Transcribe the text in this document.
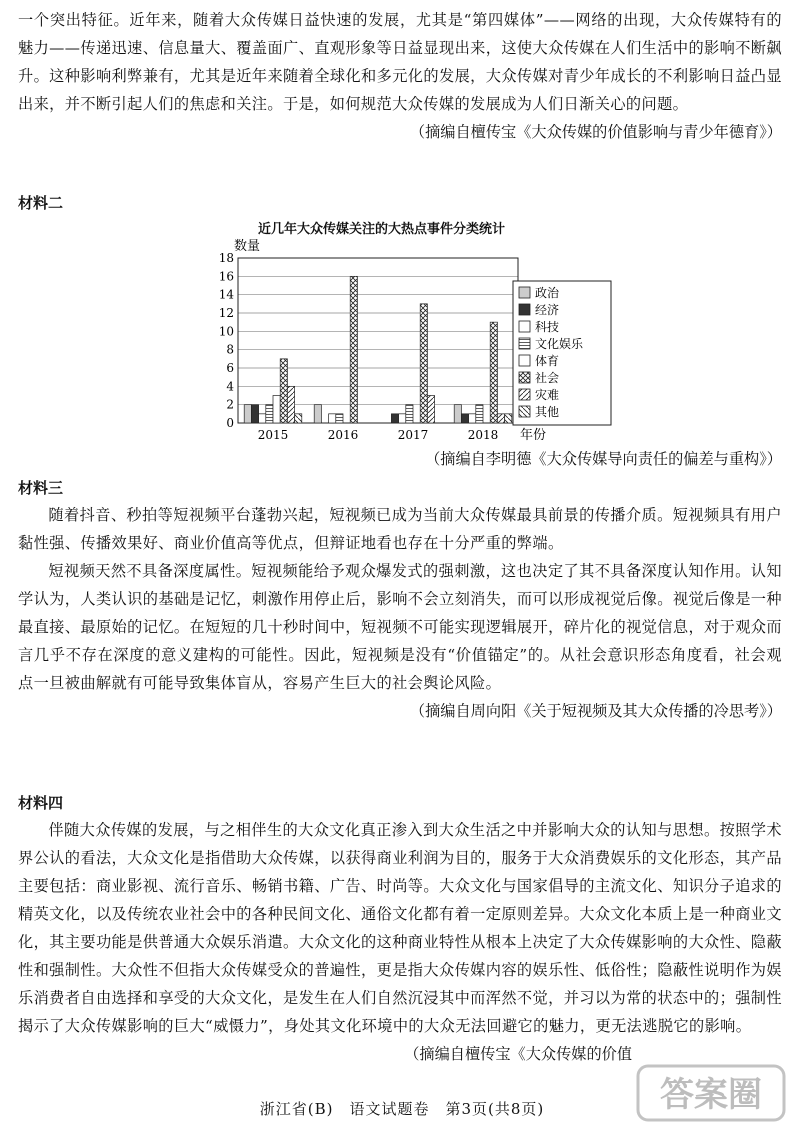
一个突出特征。近年来，随着大众传媒日益快速的发展，尤其是“第四媒体”——网络的出现，大众传媒特有的魅力——传递迅速、信息量大、覆盖面广、直观形象等日益显现出来，这使大众传媒在人们生活中的影响不断飙升。这种影响利弊兼有，尤其是近年来随着全球化和多元化的发展，大众传媒对青少年成长的不利影响日益凸显出来，并不断引起人们的焦虑和关注。于是，如何规范大众传媒的发展成为人们日渐关心的问题。

（摘编自檀传宝《大众传媒的价值影响与青少年德育》）

材料二

近几年大众传媒关注的大热点事件分类统计
0
2
4
6
8
10
12
14
16
18
数量
年份
2015	2016	2017	2018
政治
经济
科技
文化娱乐
体育
社会
灾难
其他

（摘编自李明德《大众传媒导向责任的偏差与重构》）

材料三

随着抖音、秒拍等短视频平台蓬勃兴起，短视频已成为当前大众传媒最具前景的传播介质。短视频具有用户黏性强、传播效果好、商业价值高等优点，但辩证地看也存在十分严重的弊端。

短视频天然不具备深度属性。短视频能给予观众爆发式的强刺激，这也决定了其不具备深度认知作用。认知学认为，人类认识的基础是记忆，刺激作用停止后，影响不会立刻消失，而可以形成视觉后像。视觉后像是一种最直接、最原始的记忆。在短短的几十秒时间中，短视频不可能实现逻辑展开，碎片化的视觉信息，对于观众而言几乎不存在深度的意义建构的可能性。因此，短视频是没有“价值锚定”的。从社会意识形态角度看，社会观点一旦被曲解就有可能导致集体盲从，容易产生巨大的社会舆论风险。

（摘编自周向阳《关于短视频及其大众传播的冷思考》）

材料四

伴随大众传媒的发展，与之相伴生的大众文化真正渗入到大众生活之中并影响大众的认知与思想。按照学术界公认的看法，大众文化是指借助大众传媒，以获得商业利润为目的，服务于大众消费娱乐的文化形态，其产品主要包括：商业影视、流行音乐、畅销书籍、广告、时尚等。大众文化与国家倡导的主流文化、知识分子追求的精英文化，以及传统农业社会中的各种民间文化、通俗文化都有着一定原则差异。大众文化本质上是一种商业文化，其主要功能是供普通大众娱乐消遣。大众文化的这种商业特性从根本上决定了大众传媒影响的大众性、隐蔽性和强制性。大众性不但指大众传媒受众的普遍性，更是指大众传媒内容的娱乐性、低俗性；隐蔽性说明作为娱乐消费者自由选择和享受的大众文化，是发生在人们自然沉浸其中而浑然不觉，并习以为常的状态中的；强制性揭示了大众传媒影响的巨大“威慑力”，身处其文化环境中的大众无法回避它的魅力，更无法逃脱它的影响。

（摘编自檀传宝《大众传媒的价值

答案圈
浙江省(B)　语文试题卷　第3页(共8页)
